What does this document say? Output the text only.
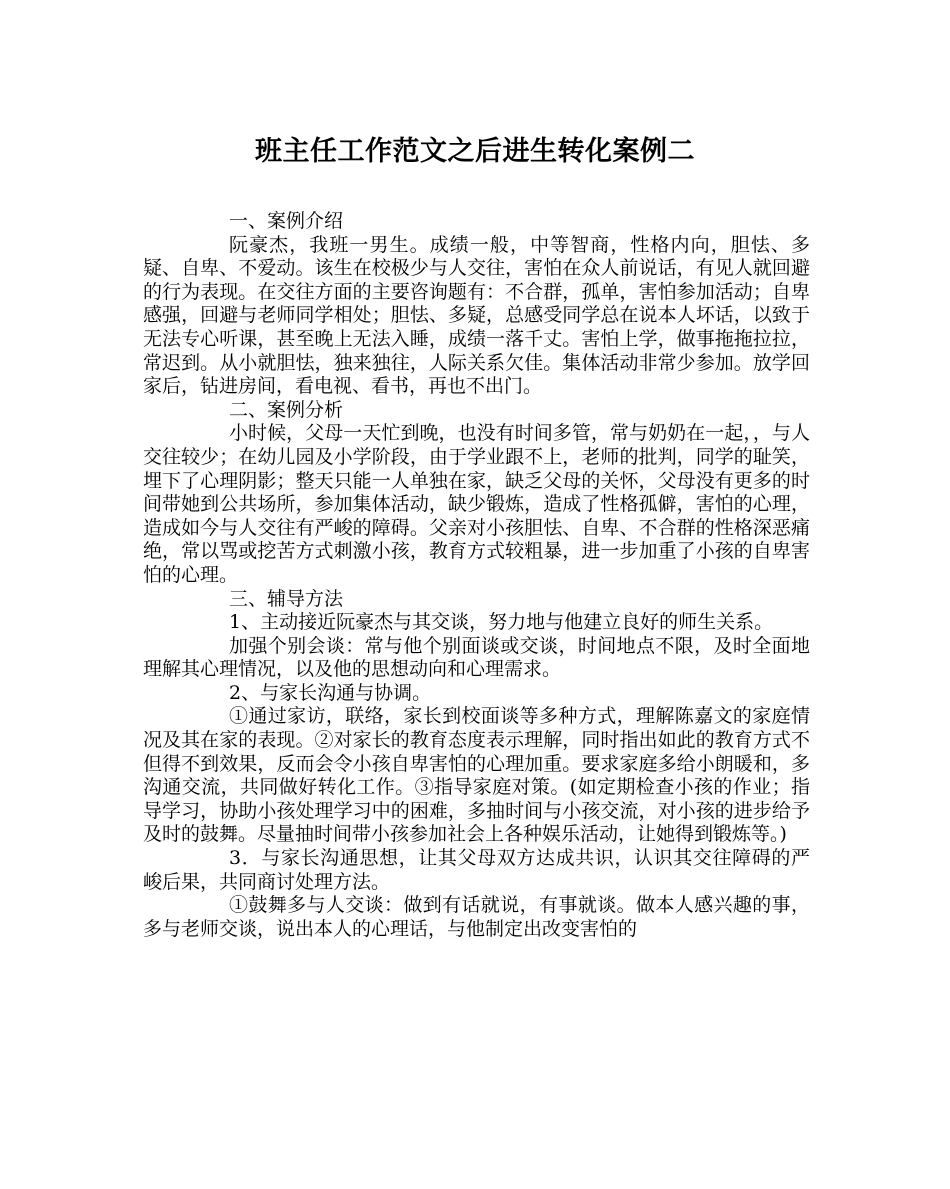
班主任工作范文之后进生转化案例二

一、案例介绍

阮豪杰，我班一男生。成绩一般，中等智商，性格内向，胆怯、多疑、自卑、不爱动。该生在校极少与人交往，害怕在众人前说话，有见人就回避的行为表现。在交往方面的主要咨询题有：不合群，孤单，害怕参加活动；自卑感强，回避与老师同学相处；胆怯、多疑，总感受同学总在说本人坏话，以致于无法专心听课，甚至晚上无法入睡，成绩一落千丈。害怕上学，做事拖拖拉拉，常迟到。从小就胆怯，独来独往，人际关系欠佳。集体活动非常少参加。放学回家后，钻进房间，看电视、看书，再也不出门。

二、案例分析

小时候，父母一天忙到晚，也没有时间多管，常与奶奶在一起，，与人交往较少；在幼儿园及小学阶段，由于学业跟不上，老师的批判，同学的耻笑，埋下了心理阴影；整天只能一人单独在家，缺乏父母的关怀，父母没有更多的时间带她到公共场所，参加集体活动，缺少锻炼，造成了性格孤僻，害怕的心理，造成如今与人交往有严峻的障碍。父亲对小孩胆怯、自卑、不合群的性格深恶痛绝，常以骂或挖苦方式刺激小孩，教育方式较粗暴，进一步加重了小孩的自卑害怕的心理。

三、辅导方法

1、主动接近阮豪杰与其交谈，努力地与他建立良好的师生关系。

加强个别会谈：常与他个别面谈或交谈，时间地点不限，及时全面地理解其心理情况，以及他的思想动向和心理需求。

2、与家长沟通与协调。

①通过家访，联络，家长到校面谈等多种方式，理解陈嘉文的家庭情况及其在家的表现。②对家长的教育态度表示理解，同时指出如此的教育方式不但得不到效果，反而会令小孩自卑害怕的心理加重。要求家庭多给小朗暖和，多沟通交流，共同做好转化工作。③指导家庭对策。(如定期检查小孩的作业；指导学习，协助小孩处理学习中的困难，多抽时间与小孩交流，对小孩的进步给予及时的鼓舞。尽量抽时间带小孩参加社会上各种娱乐活动，让她得到锻炼等。)

3．与家长沟通思想，让其父母双方达成共识，认识其交往障碍的严峻后果，共同商讨处理方法。

①鼓舞多与人交谈：做到有话就说，有事就谈。做本人感兴趣的事，多与老师交谈，说出本人的心理话，与他制定出改变害怕的
